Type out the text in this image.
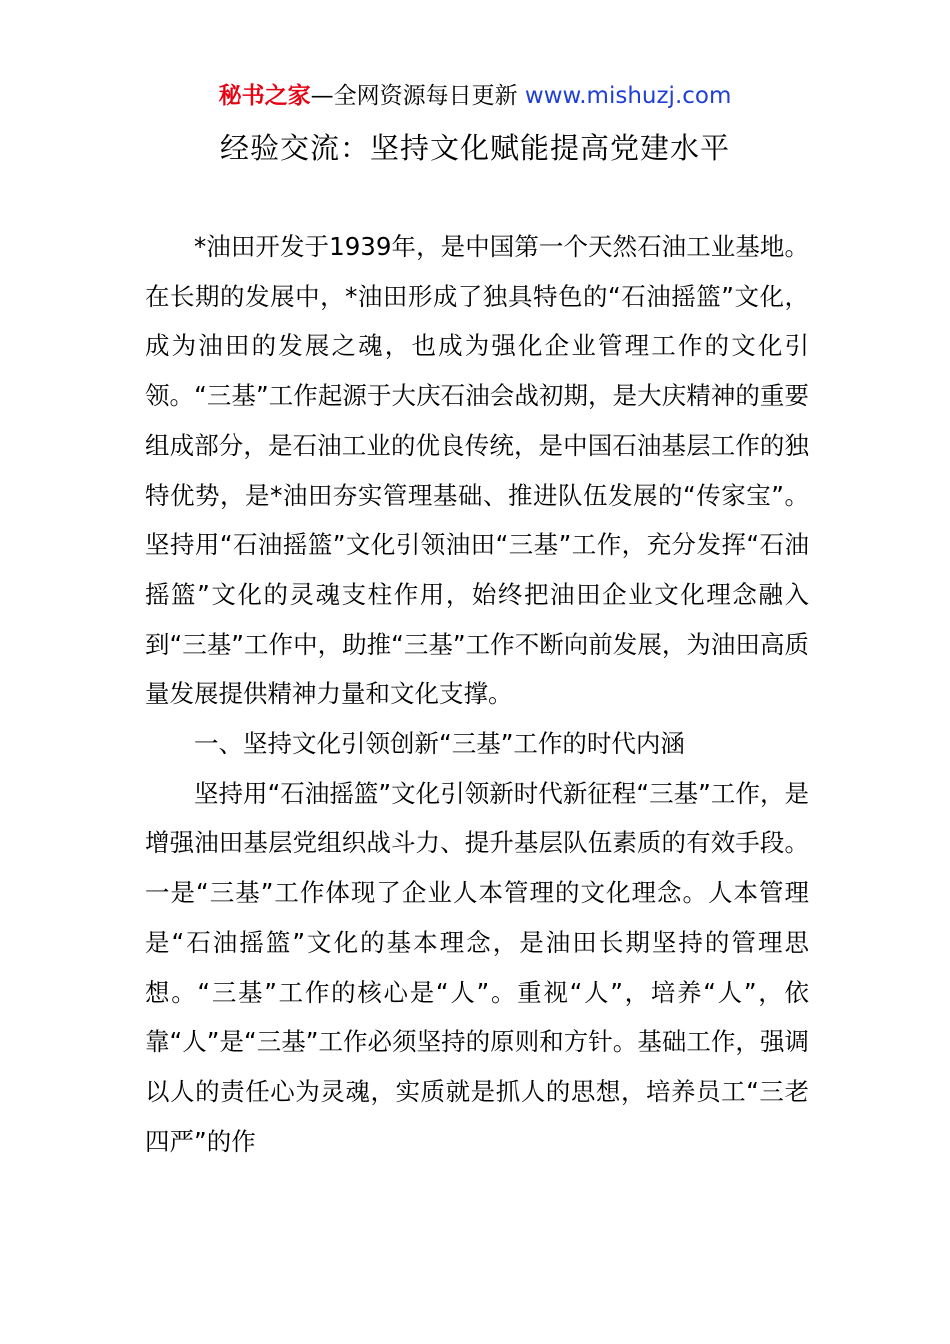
秘书之家—全网资源每日更新 www.mishuzj.com
经验交流：坚持文化赋能提高党建水平

*油田开发于1939年，是中国第一个天然石油工业基地。在长期的发展中，*油田形成了独具特色的“石油摇篮”文化，成为油田的发展之魂，也成为强化企业管理工作的文化引领。“三基”工作起源于大庆石油会战初期，是大庆精神的重要组成部分，是石油工业的优良传统，是中国石油基层工作的独特优势，是*油田夯实管理基础、推进队伍发展的“传家宝”。坚持用“石油摇篮”文化引领油田“三基”工作，充分发挥“石油摇篮”文化的灵魂支柱作用，始终把油田企业文化理念融入到“三基”工作中，助推“三基”工作不断向前发展，为油田高质量发展提供精神力量和文化支撑。

一、坚持文化引领创新“三基”工作的时代内涵

坚持用“石油摇篮”文化引领新时代新征程“三基”工作，是增强油田基层党组织战斗力、提升基层队伍素质的有效手段。一是“三基”工作体现了企业人本管理的文化理念。人本管理是“石油摇篮”文化的基本理念，是油田长期坚持的管理思想。“三基”工作的核心是“人”。重视“人”，培养“人”，依靠“人”是“三基”工作必须坚持的原则和方针。基础工作，强调以人的责任心为灵魂，实质就是抓人的思想，培养员工“三老四严”的作
